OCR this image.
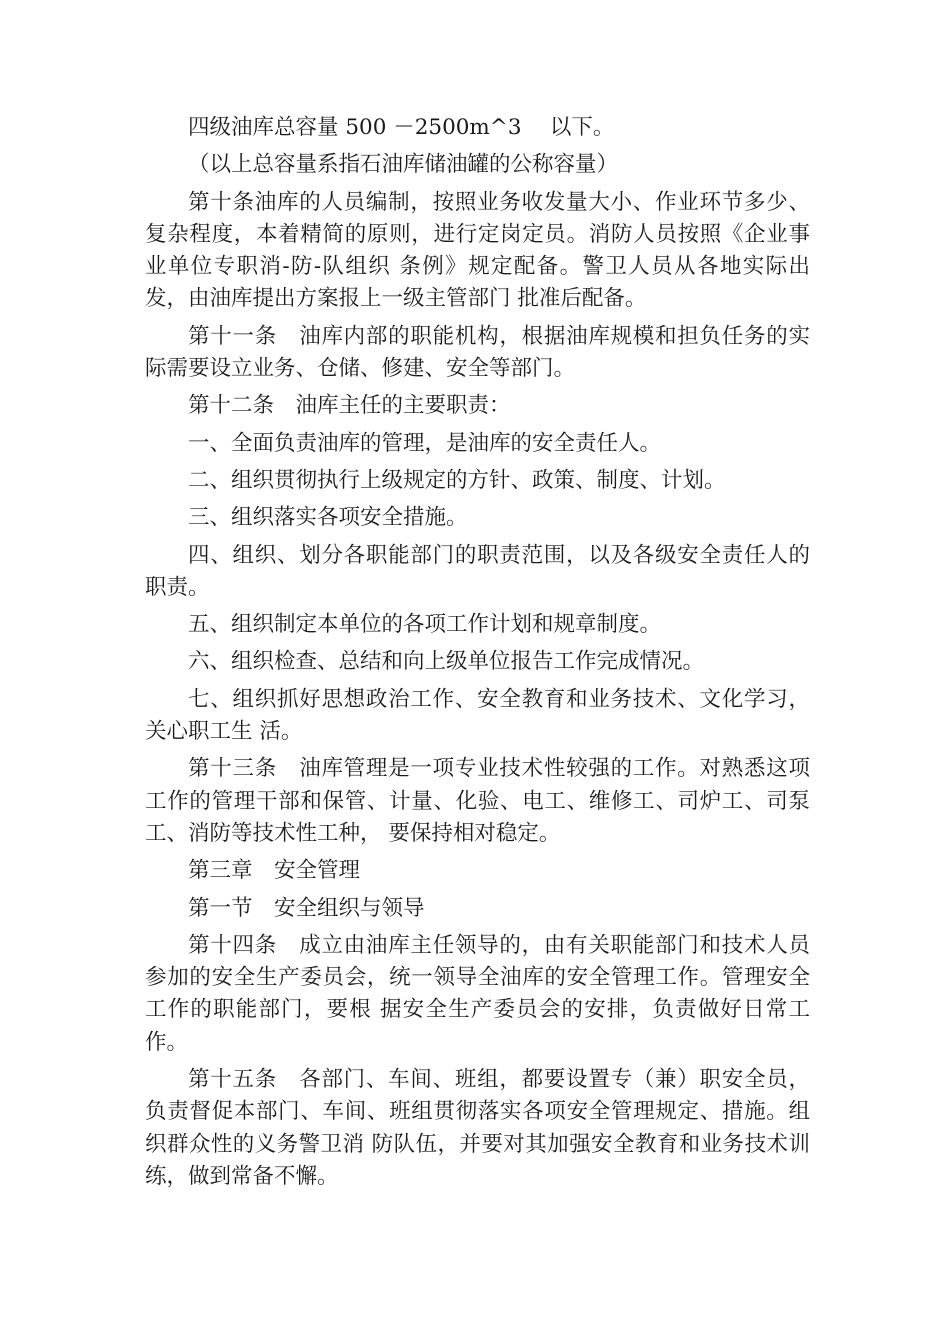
四级油库总容量 500 －2500m^3　 以下。

（以上总容量系指石油库储油罐的公称容量）

第十条油库的人员编制，按照业务收发量大小、作业环节多少、复杂程度，本着精简的原则，进行定岗定员。消防人员按照《企业事业单位专职消-防-队组织 条例》规定配备。警卫人员从各地实际出发，由油库提出方案报上一级主管部门 批准后配备。

第十一条　油库内部的职能机构，根据油库规模和担负任务的实际需要设立业务、仓储、修建、安全等部门。

第十二条　油库主任的主要职责：

一、全面负责油库的管理，是油库的安全责任人。

二、组织贯彻执行上级规定的方针、政策、制度、计划。

三、组织落实各项安全措施。

四、组织、划分各职能部门的职责范围，以及各级安全责任人的职责。

五、组织制定本单位的各项工作计划和规章制度。

六、组织检查、总结和向上级单位报告工作完成情况。

七、组织抓好思想政治工作、安全教育和业务技术、文化学习，关心职工生 活。

第十三条　油库管理是一项专业技术性较强的工作。对熟悉这项工作的管理干部和保管、计量、化验、电工、维修工、司炉工、司泵工、消防等技术性工种， 要保持相对稳定。

第三章　安全管理

第一节　安全组织与领导

第十四条　成立由油库主任领导的，由有关职能部门和技术人员参加的安全生产委员会，统一领导全油库的安全管理工作。管理安全工作的职能部门，要根 据安全生产委员会的安排，负责做好日常工作。

第十五条　各部门、车间、班组，都要设置专（兼）职安全员，负责督促本部门、车间、班组贯彻落实各项安全管理规定、措施。组织群众性的义务警卫消 防队伍，并要对其加强安全教育和业务技术训练，做到常备不懈。
